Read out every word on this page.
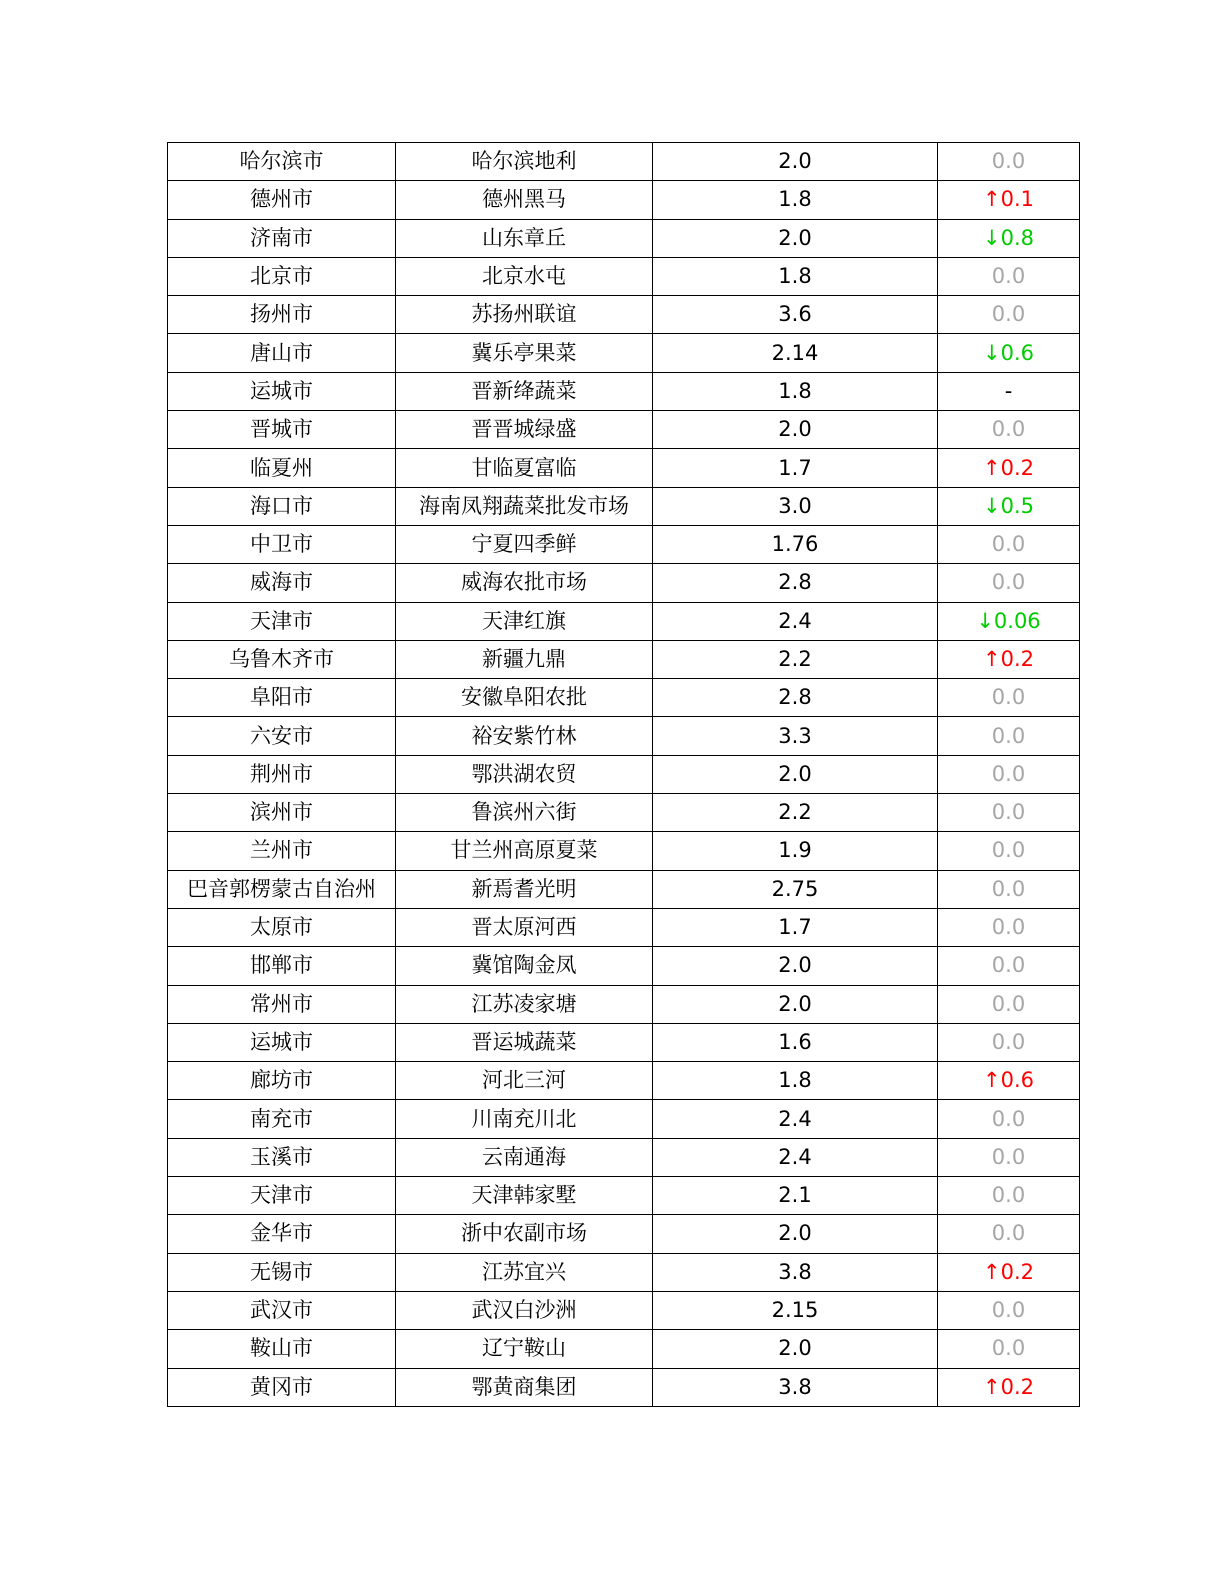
哈尔滨市	哈尔滨地利	2.0	0.0
德州市	德州黑马	1.8	↑0.1
济南市	山东章丘	2.0	↓0.8
北京市	北京水屯	1.8	0.0
扬州市	苏扬州联谊	3.6	0.0
唐山市	冀乐亭果菜	2.14	↓0.6
运城市	晋新绛蔬菜	1.8	-
晋城市	晋晋城绿盛	2.0	0.0
临夏州	甘临夏富临	1.7	↑0.2
海口市	海南凤翔蔬菜批发市场	3.0	↓0.5
中卫市	宁夏四季鲜	1.76	0.0
威海市	威海农批市场	2.8	0.0
天津市	天津红旗	2.4	↓0.06
乌鲁木齐市	新疆九鼎	2.2	↑0.2
阜阳市	安徽阜阳农批	2.8	0.0
六安市	裕安紫竹林	3.3	0.0
荆州市	鄂洪湖农贸	2.0	0.0
滨州市	鲁滨州六街	2.2	0.0
兰州市	甘兰州高原夏菜	1.9	0.0
巴音郭楞蒙古自治州	新焉耆光明	2.75	0.0
太原市	晋太原河西	1.7	0.0
邯郸市	冀馆陶金凤	2.0	0.0
常州市	江苏凌家塘	2.0	0.0
运城市	晋运城蔬菜	1.6	0.0
廊坊市	河北三河	1.8	↑0.6
南充市	川南充川北	2.4	0.0
玉溪市	云南通海	2.4	0.0
天津市	天津韩家墅	2.1	0.0
金华市	浙中农副市场	2.0	0.0
无锡市	江苏宜兴	3.8	↑0.2
武汉市	武汉白沙洲	2.15	0.0
鞍山市	辽宁鞍山	2.0	0.0
黄冈市	鄂黄商集团	3.8	↑0.2
